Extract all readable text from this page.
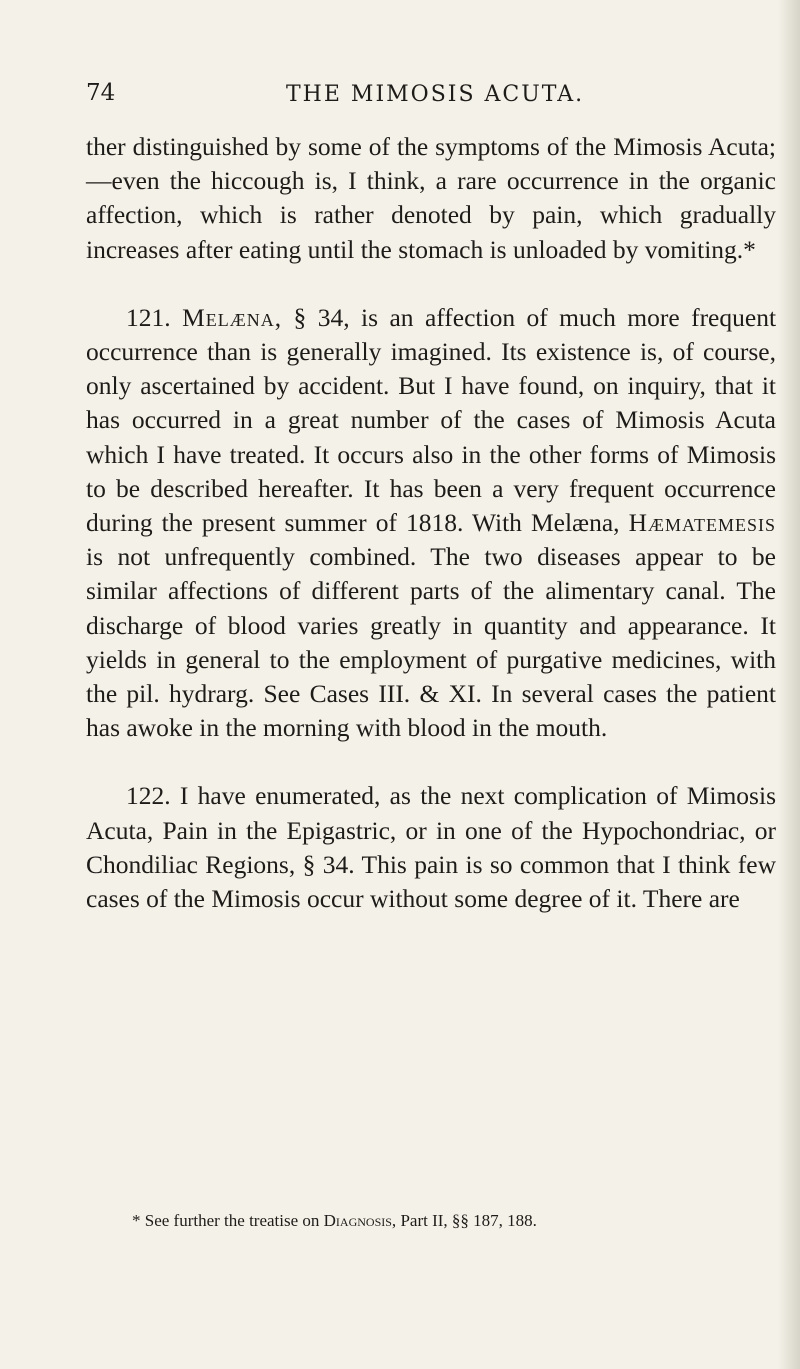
74	THE MIMOSIS ACUTA.

ther distinguished by some of the symptoms of the Mimosis Acuta;—even the hiccough is, I think, a rare occurrence in the organic affection, which is rather denoted by pain, which gradually increases after eating until the stomach is unloaded by vomiting.*

121. Melæna, § 34, is an affection of much more frequent occurrence than is generally imagined. Its existence is, of course, only ascertained by accident. But I have found, on inquiry, that it has occurred in a great number of the cases of Mimosis Acuta which I have treated. It occurs also in the other forms of Mimosis to be described hereafter. It has been a very frequent occurrence during the present summer of 1818. With Melæna, Hæmatemesis is not unfrequently combined. The two diseases appear to be similar affections of different parts of the alimentary canal. The discharge of blood varies greatly in quantity and appearance. It yields in general to the employment of purgative medicines, with the pil. hydrarg. See Cases III. & XI. In several cases the patient has awoke in the morning with blood in the mouth.

122. I have enumerated, as the next complication of Mimosis Acuta, Pain in the Epigastric, or in one of the Hypochondriac, or Chondiliac Regions, § 34. This pain is so common that I think few cases of the Mimosis occur without some degree of it. There are

* See further the treatise on Diagnosis, Part II, §§ 187, 188.
